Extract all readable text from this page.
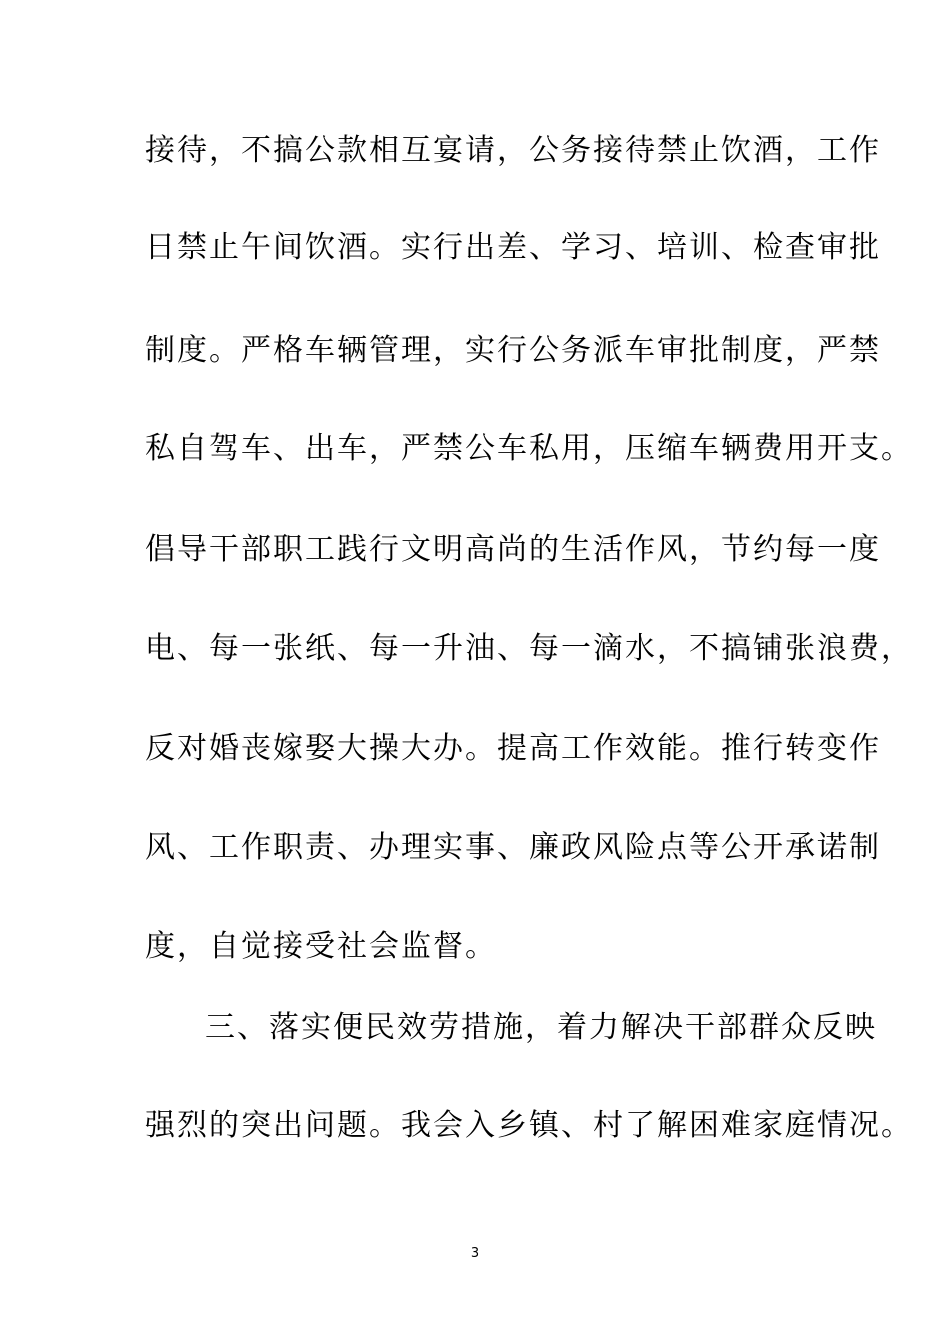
接待，不搞公款相互宴请，公务接待禁止饮酒，工作
日禁止午间饮酒。实行出差、学习、培训、检查审批
制度。严格车辆管理，实行公务派车审批制度，严禁
私自驾车、出车，严禁公车私用，压缩车辆费用开支。
倡导干部职工践行文明高尚的生活作风，节约每一度
电、每一张纸、每一升油、每一滴水，不搞铺张浪费，
反对婚丧嫁娶大操大办。提高工作效能。推行转变作
风、工作职责、办理实事、廉政风险点等公开承诺制
度，自觉接受社会监督。
三、落实便民效劳措施，着力解决干部群众反映
强烈的突出问题。我会入乡镇、村了解困难家庭情况。
3
